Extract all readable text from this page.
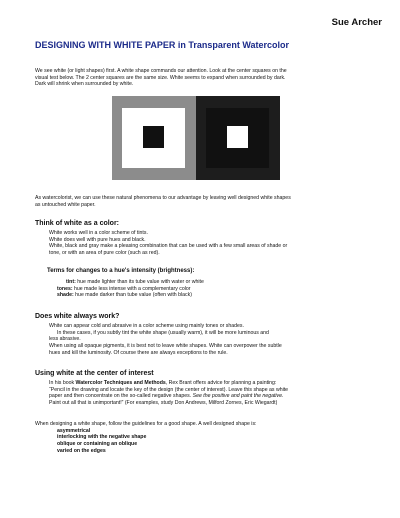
Sue Archer
DESIGNING WITH WHITE PAPER in Transparent Watercolor
We see white (or light shapes) first. A white shape commands our attention. Look at the center squares on the
visual test below. The 2 center squares are the same size. White seems to expand when surrounded by dark.
Dark will shrink when surrounded by white.
As watercolorist, we can use these natural phenomena to our advantage by leaving well designed white shapes
as untouched white paper.
Think of white as a color:
White works well in a color scheme of tints.
White does well with pure hues and black.
White, black and gray make a pleasing combination that can be used with a few small areas of shade or
tone, or with an area of pure color (such as red).
Terms for changes to a hue's intensity (brightness):
tint: hue made lighter than its tube value with water or white
tones: hue made less intense with a complementary color
shade: hue made darker than tube value (often with black)
Does white always work?
White can appear cold and abrasive in a color scheme using mainly tones or shades.
In these cases, if you subtly tint the white shape (usually warm), it will be more luminous and
less abrasive.
When using all opaque pigments, it is best not to leave white shapes. White can overpower the subtle
hues and kill the luminosity. Of course there are always exceptions to the rule.
Using white at the center of interest
In his book Watercolor Techniques and Methods, Rex Brant offers advice for planning a painting:
“Pencil in the drawing and locate the key of the design (the center of interest). Leave this shape as white
paper and then concentrate on the so-called negative shapes. See the positive and paint the negative.
Paint out all that is unimportant!” (For examples, study Don Andrews, Milford Zornes, Eric Wiegardt)
When designing a white shape, follow the guidelines for a good shape. A well designed shape is:
asymmetrical
interlocking with the negative shape
oblique or containing an oblique
varied on the edges
